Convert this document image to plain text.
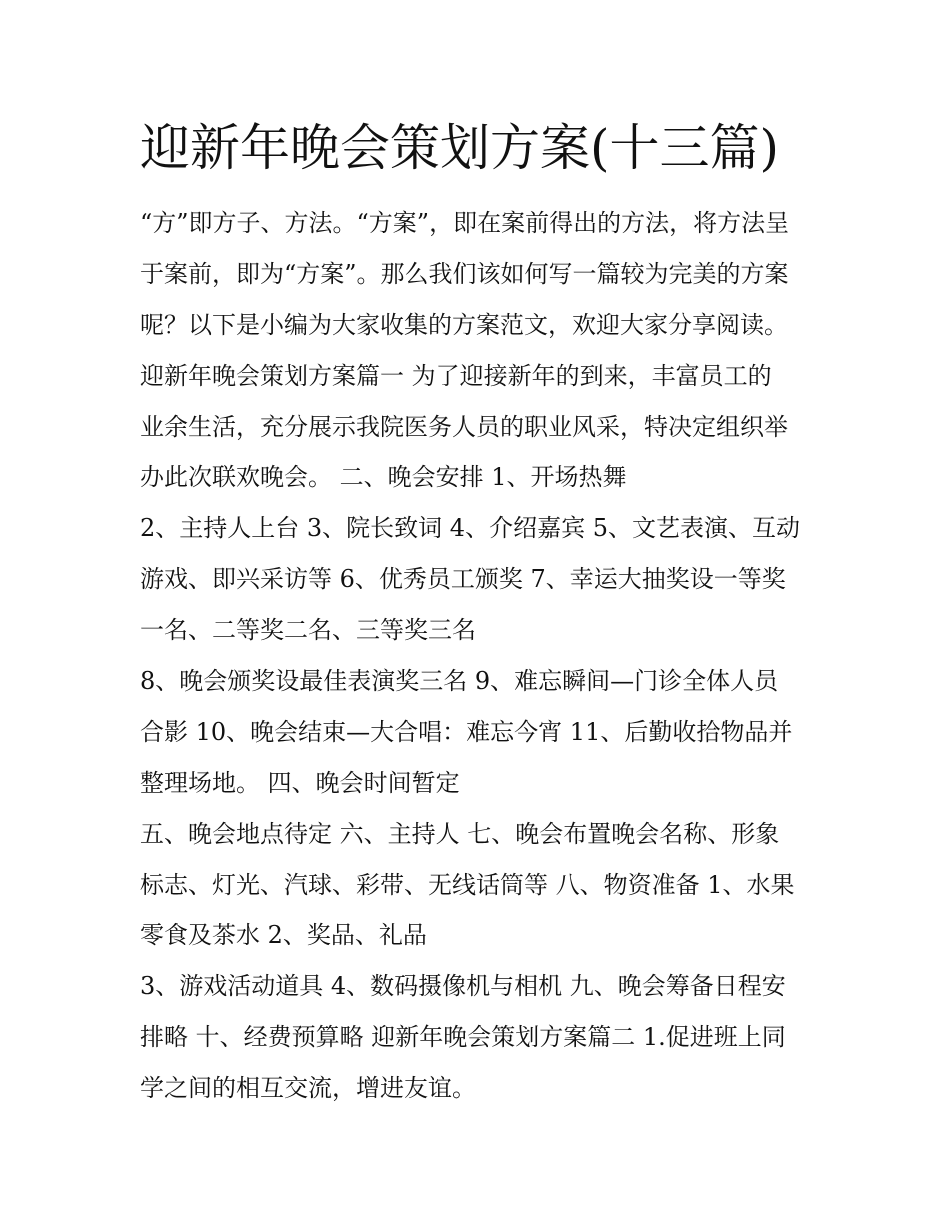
迎新年晚会策划方案(十三篇)

“方”即方子、方法。“方案”，即在案前得出的方法，将方法呈

于案前，即为“方案”。那么我们该如何写一篇较为完美的方案

呢？以下是小编为大家收集的方案范文，欢迎大家分享阅读。

迎新年晚会策划方案篇一 为了迎接新年的到来，丰富员工的

业余生活，充分展示我院医务人员的职业风采，特决定组织举

办此次联欢晚会。 二、晚会安排 1、开场热舞

2、主持人上台 3、院长致词 4、介绍嘉宾 5、文艺表演、互动

游戏、即兴采访等 6、优秀员工颁奖 7、幸运大抽奖设一等奖

一名、二等奖二名、三等奖三名

8、晚会颁奖设最佳表演奖三名 9、难忘瞬间—门诊全体人员

合影 10、晚会结束—大合唱：难忘今宵 11、后勤收拾物品并

整理场地。 四、晚会时间暂定

五、晚会地点待定 六、主持人 七、晚会布置晚会名称、形象

标志、灯光、汽球、彩带、无线话筒等 八、物资准备 1、水果

零食及茶水 2、奖品、礼品

3、游戏活动道具 4、数码摄像机与相机 九、晚会筹备日程安

排略 十、经费预算略 迎新年晚会策划方案篇二 1.促进班上同

学之间的相互交流，增进友谊。
